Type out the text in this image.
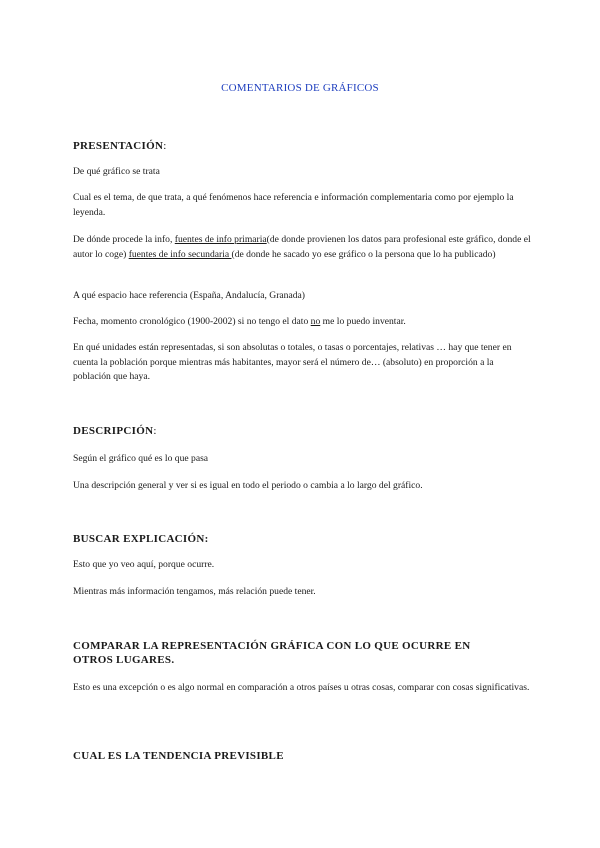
COMENTARIOS DE GRÁFICOS
PRESENTACIÓN:
De qué gráfico se trata
Cual es el tema, de que trata, a qué fenómenos hace referencia e información complementaria como por ejemplo la leyenda.
De dónde procede la info, fuentes de info primaria(de donde provienen los datos para profesional este gráfico, donde el autor lo coge) fuentes de info secundaria (de donde he sacado yo ese gráfico o la persona que lo ha publicado)
A qué espacio hace referencia (España, Andalucía, Granada)
Fecha, momento cronológico (1900-2002) si no tengo el dato no me lo puedo inventar.
En qué unidades están representadas, si son absolutas o totales, o tasas o porcentajes, relativas … hay que tener en cuenta la población porque mientras más habitantes, mayor será el número de… (absoluto) en proporción a la población que haya.
DESCRIPCIÓN:
Según el gráfico qué es lo que pasa
Una descripción general y ver si es igual en todo el periodo o cambia a lo largo del gráfico.
BUSCAR EXPLICACIÓN:
Esto que yo veo aquí, porque ocurre.
Mientras más información tengamos, más relación puede tener.
COMPARAR LA REPRESENTACIÓN GRÁFICA CON LO QUE OCURRE EN OTROS LUGARES.
Esto es una excepción o es algo normal en comparación a otros países u otras cosas, comparar con cosas significativas.
CUAL ES LA TENDENCIA PREVISIBLE
